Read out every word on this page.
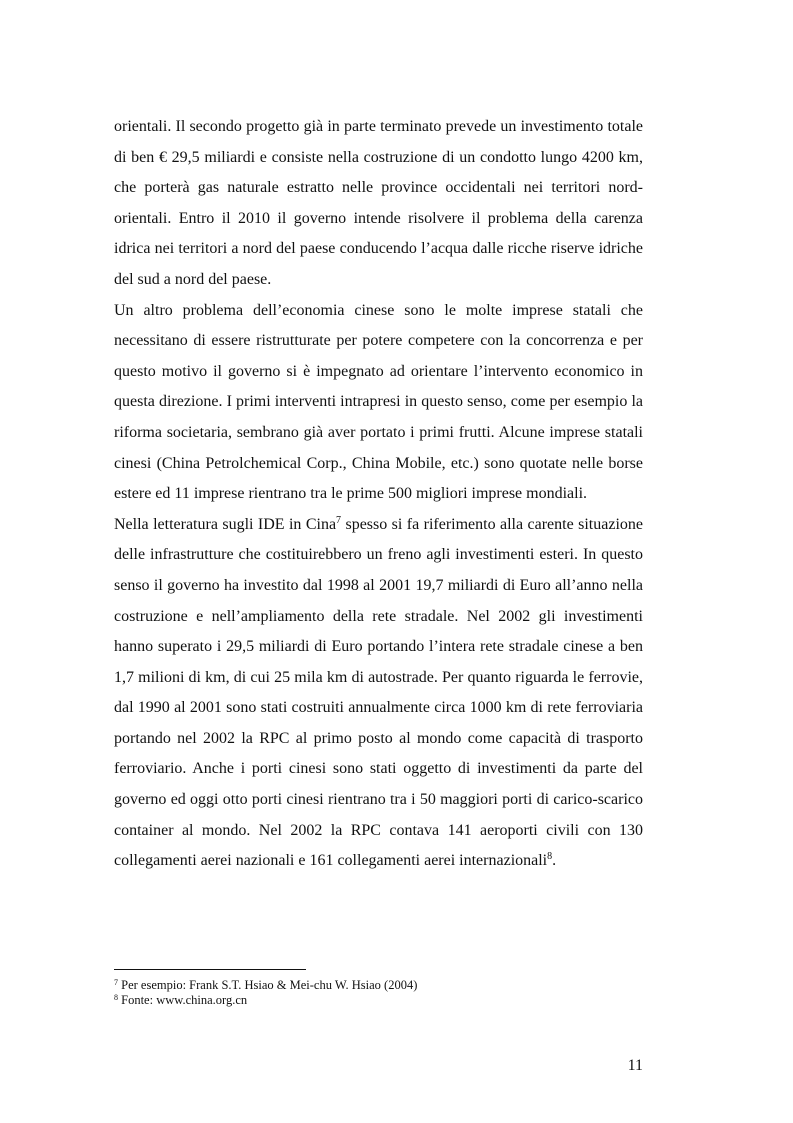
orientali. Il secondo progetto già in parte terminato prevede un investimento totale di ben € 29,5 miliardi e consiste nella costruzione di un condotto lungo 4200 km, che porterà gas naturale estratto nelle province occidentali nei territori nord-orientali. Entro il 2010 il governo intende risolvere il problema della carenza idrica nei territori a nord del paese conducendo l’acqua dalle ricche riserve idriche del sud a nord del paese.

Un altro problema dell’economia cinese sono le molte imprese statali che necessitano di essere ristrutturate per potere competere con la concorrenza e per questo motivo il governo si è impegnato ad orientare l’intervento economico in questa direzione. I primi interventi intrapresi in questo senso, come per esempio la riforma societaria, sembrano già aver portato i primi frutti. Alcune imprese statali cinesi (China Petrolchemical Corp., China Mobile, etc.) sono quotate nelle borse estere ed 11 imprese rientrano tra le prime 500 migliori imprese mondiali.

Nella letteratura sugli IDE in Cina$^7$ spesso si fa riferimento alla carente situazione delle infrastrutture che costituirebbero un freno agli investimenti esteri. In questo senso il governo ha investito dal 1998 al 2001 19,7 miliardi di Euro all’anno nella costruzione e nell’ampliamento della rete stradale. Nel 2002 gli investimenti hanno superato i 29,5 miliardi di Euro portando l’intera rete stradale cinese a ben 1,7 milioni di km, di cui 25 mila km di autostrade. Per quanto riguarda le ferrovie, dal 1990 al 2001 sono stati costruiti annualmente circa 1000 km di rete ferroviaria portando nel 2002 la RPC al primo posto al mondo come capacità di trasporto ferroviario. Anche i porti cinesi sono stati oggetto di investimenti da parte del governo ed oggi otto porti cinesi rientrano tra i 50 maggiori porti di carico-scarico container al mondo. Nel 2002 la RPC contava 141 aeroporti civili con 130 collegamenti aerei nazionali e 161 collegamenti aerei internazionali$^8$.

$^7$ Per esempio: Frank S.T. Hsiao & Mei-chu W. Hsiao (2004)
$^8$ Fonte: www.china.org.cn
11
